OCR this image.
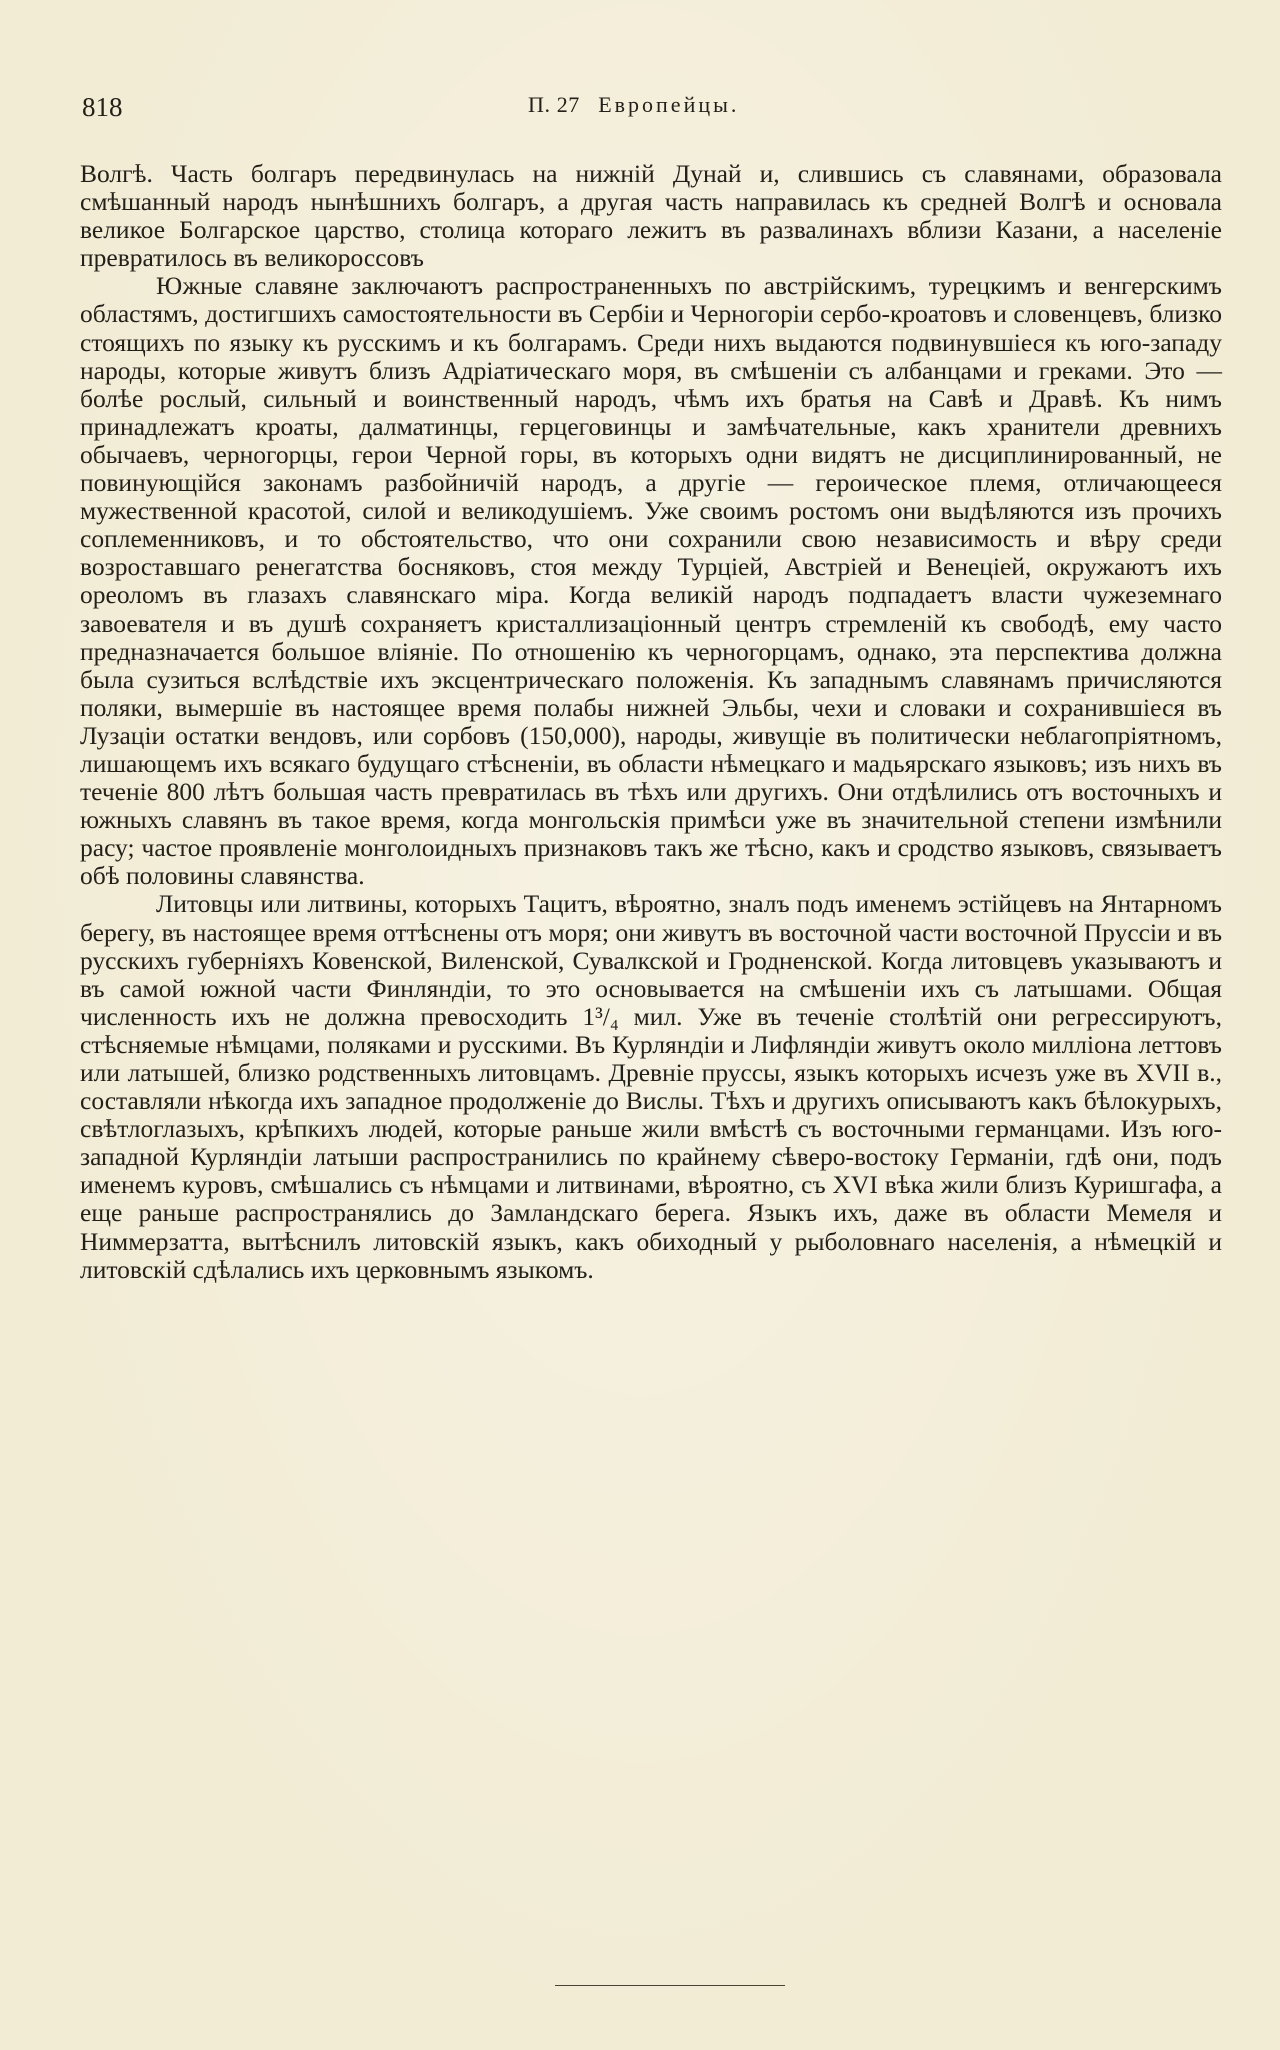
818	П. 27 Европейцы.

Волгѣ. Часть болгаръ передвинулась на нижній Дунай и, слившись съ славянами, образовала смѣшанный народъ нынѣшнихъ болгаръ, а другая часть направилась къ средней Волгѣ и основала великое Болгарское царство, столица котораго лежитъ въ развалинахъ вблизи Казани, а населеніе превратилось въ великороссовъ

Южные славяне заключаютъ распространенныхъ по австрійскимъ, турецкимъ и венгерскимъ областямъ, достигшихъ самостоятельности въ Сербіи и Черногоріи сербо-кроатовъ и словенцевъ, близко стоящихъ по языку къ русскимъ и къ болгарамъ. Среди нихъ выдаются подвинувшіеся къ юго-западу народы, которые живутъ близъ Адріатическаго моря, въ смѣшеніи съ албанцами и греками. Это — болѣе рослый, сильный и воинственный народъ, чѣмъ ихъ братья на Савѣ и Дравѣ. Къ нимъ принадлежатъ кроаты, далматинцы, герцеговинцы и замѣчательные, какъ хранители древнихъ обычаевъ, черногорцы, герои Черной горы, въ которыхъ одни видятъ не дисциплинированный, не повинующійся законамъ разбойничій народъ, а другіе — героическое племя, отличающееся мужественной красотой, силой и великодушіемъ. Уже своимъ ростомъ они выдѣляются изъ прочихъ соплеменниковъ, и то обстоятельство, что они сохранили свою независимость и вѣру среди возроставшаго ренегатства босняковъ, стоя между Турціей, Австріей и Венеціей, окружаютъ ихъ ореоломъ въ глазахъ славянскаго міра. Когда великій народъ подпадаетъ власти чужеземнаго завоевателя и въ душѣ сохраняетъ кристаллизаціонный центръ стремленій къ свободѣ, ему часто предназначается большое вліяніе. По отношенію къ черногорцамъ, однако, эта перспектива должна была сузиться вслѣдствіе ихъ эксцентрическаго положенія. Къ западнымъ славянамъ причисляются поляки, вымершіе въ настоящее время полабы нижней Эльбы, чехи и словаки и сохранившіеся въ Лузаціи остатки вендовъ, или сорбовъ (150,000), народы, живущіе въ политически неблагопріятномъ, лишающемъ ихъ всякаго будущаго стѣсненіи, въ области нѣмецкаго и мадьярскаго языковъ; изъ нихъ въ теченіе 800 лѣтъ большая часть превратилась въ тѣхъ или другихъ. Они отдѣлились отъ восточныхъ и южныхъ славянъ въ такое время, когда монгольскія примѣси уже въ значительной степени измѣнили расу; частое проявленіе монголоидныхъ признаковъ такъ же тѣсно, какъ и сродство языковъ, связываетъ обѣ половины славянства.

Литовцы или литвины, которыхъ Тацитъ, вѣроятно, зналъ подъ именемъ эстійцевъ на Янтарномъ берегу, въ настоящее время оттѣснены отъ моря; они живутъ въ восточной части восточной Пруссіи и въ русскихъ губерніяхъ Ковенской, Виленской, Сувалкской и Гродненской. Когда литовцевъ указываютъ и въ самой южной части Финляндіи, то это основывается на смѣшеніи ихъ съ латышами. Общая численность ихъ не должна превосходить 1³/₄ мил. Уже въ теченіе столѣтій они регрессируютъ, стѣсняемые нѣмцами, поляками и русскими. Въ Курляндіи и Лифляндіи живутъ около милліона леттовъ или латышей, близко родственныхъ литовцамъ. Древніе пруссы, языкъ которыхъ исчезъ уже въ XVII в., составляли нѣкогда ихъ западное продолженіе до Вислы. Тѣхъ и другихъ описываютъ какъ бѣлокурыхъ, свѣтлоглазыхъ, крѣпкихъ людей, которые раньше жили вмѣстѣ съ восточными германцами. Изъ юго-западной Курляндіи латыши распространились по крайнему сѣверо-востоку Германіи, гдѣ они, подъ именемъ куровъ, смѣшались съ нѣмцами и литвинами, вѣроятно, съ XVI вѣка жили близъ Куришгафа, а еще раньше распространялись до Замландскаго берега. Языкъ ихъ, даже въ области Мемеля и Ниммерзатта, вытѣснилъ литовскій языкъ, какъ обиходный у рыболовнаго населенія, а нѣмецкій и литовскій сдѣлались ихъ церковнымъ языкомъ.
